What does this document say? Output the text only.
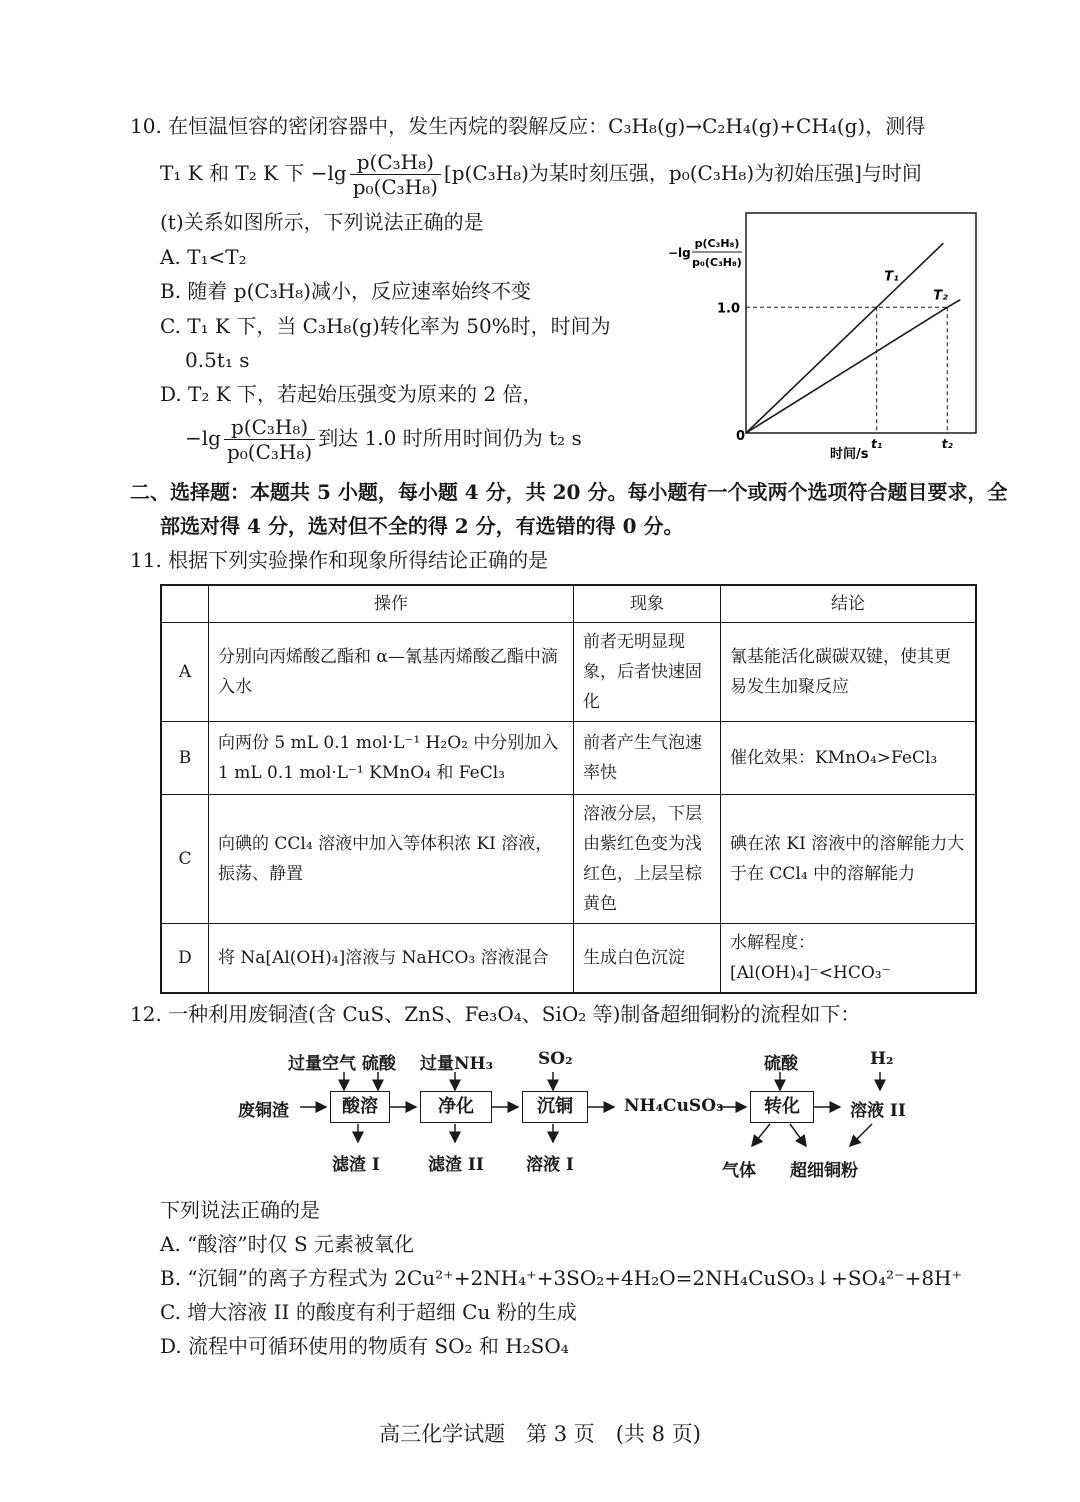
10. 在恒温恒容的密闭容器中，发生丙烷的裂解反应：C₃H₈(g)→C₂H₄(g)+CH₄(g)，测得
T₁ K 和 T₂ K 下 $-\lg \frac{\text{p(C₃H₈)}}{\text{p₀(C₃H₈)}} [p(C_3H_8)$为某时刻压强，p₀(C₃H₈)为初始压强]与时间
(t)关系如图所示，下列说法正确的是
A. T₁<T₂
B. 随着 p(C₃H₈)减小，反应速率始终不变
C. T₁ K 下，当 C₃H₈(g)转化率为 50%时，时间为
0.5t₁ s
D. T₂ K 下，若起始压强变为原来的 2 倍，
$-\lg \frac{\text{p(C₃H₈)}}{\text{p₀(C₃H₈)}}$ 到达 1.0 时所用时间仍为 t₂ s
−lg
p(C₃H₈)
p₀(C₃H₈)
0
时间/s
T₁
T₂
1.0
t₁	t₂
二、选择题：本题共 5 小题，每小题 4 分，共 20 分。每小题有一个或两个选项符合题目要求，全
部选对得 4 分，选对但不全的得 2 分，有选错的得 0 分。
11. 根据下列实验操作和现象所得结论正确的是
	操作	现象	结论
A	分别向丙烯酸乙酯和 α—氰基丙烯酸乙酯中滴入水	前者无明显现象，后者快速固化	氰基能活化碳碳双键，使其更易发生加聚反应
B	向两份 5 mL 0.1 mol·L⁻¹ H₂O₂ 中分别加入 1 mL 0.1 mol·L⁻¹ KMnO₄ 和 FeCl₃	前者产生气泡速率快	催化效果：KMnO₄>FeCl₃
C	向碘的 CCl₄ 溶液中加入等体积浓 KI 溶液，振荡、静置	溶液分层，下层由紫红色变为浅红色，上层呈棕黄色	碘在浓 KI 溶液中的溶解能力大于在 CCl₄ 中的溶解能力
D	将 Na[Al(OH)₄]溶液与 NaHCO₃ 溶液混合	生成白色沉淀	水解程度：[Al(OH)₄]⁻<HCO₃⁻
12. 一种利用废铜渣(含 CuS、ZnS、Fe₃O₄、SiO₂ 等)制备超细铜粉的流程如下：
废铜渣	酸溶	净化	沉铜	NH₄CuSO₃	转化	溶液 II
过量空气 硫酸 过量NH₃	SO₂	硫酸	H₂
滤渣 I	滤渣 II 溶液 I	气体 超细铜粉
下列说法正确的是
A. “酸溶”时仅 S 元素被氧化
B. “沉铜”的离子方程式为 2Cu²⁺+2NH₄⁺+3SO₂+4H₂O=2NH₄CuSO₃↓+SO₄²⁻+8H⁺
C. 增大溶液 II 的酸度有利于超细 Cu 粉的生成
D. 流程中可循环使用的物质有 SO₂ 和 H₂SO₄
高三化学试题　第 3 页　(共 8 页)
